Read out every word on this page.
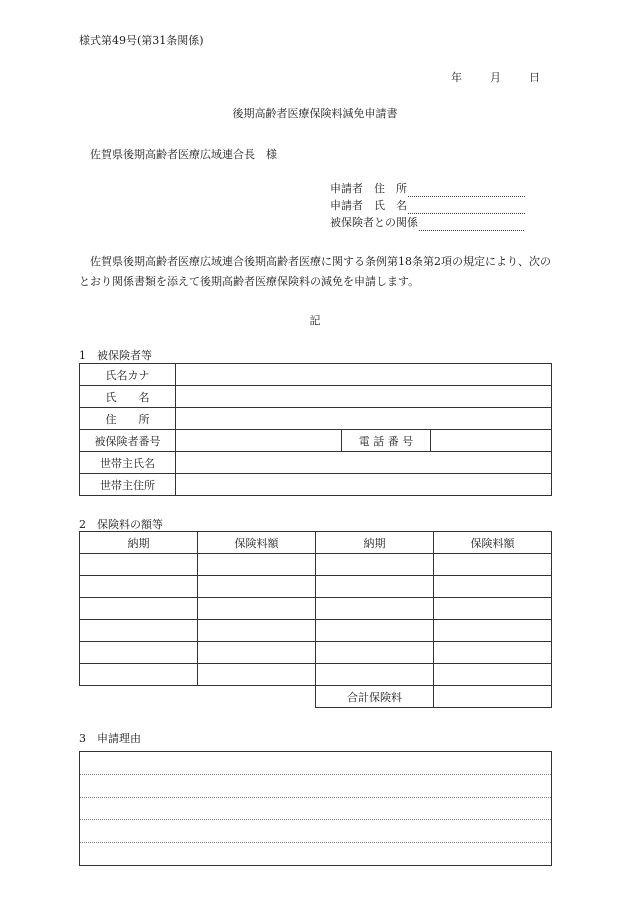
様式第49号(第31条関係)
年	月	日
後期高齢者医療保険料減免申請書
佐賀県後期高齢者医療広域連合長　様
申請者　住　所
申請者　氏　名
被保険者との関係
佐賀県後期高齢者医療広域連合後期高齢者医療に関する条例第18条第2項の規定により、次のとおり関係書類を添えて後期高齢者医療保険料の減免を申請します。
記
1　被保険者等
氏名カナ			
氏　　名			
住　　所			
被保険者番号		電 話 番 号	
世帯主氏名			
世帯主住所			
2　保険料の額等
納期	保険料額	納期	保険料額

		合計保険料	
3　申請理由
